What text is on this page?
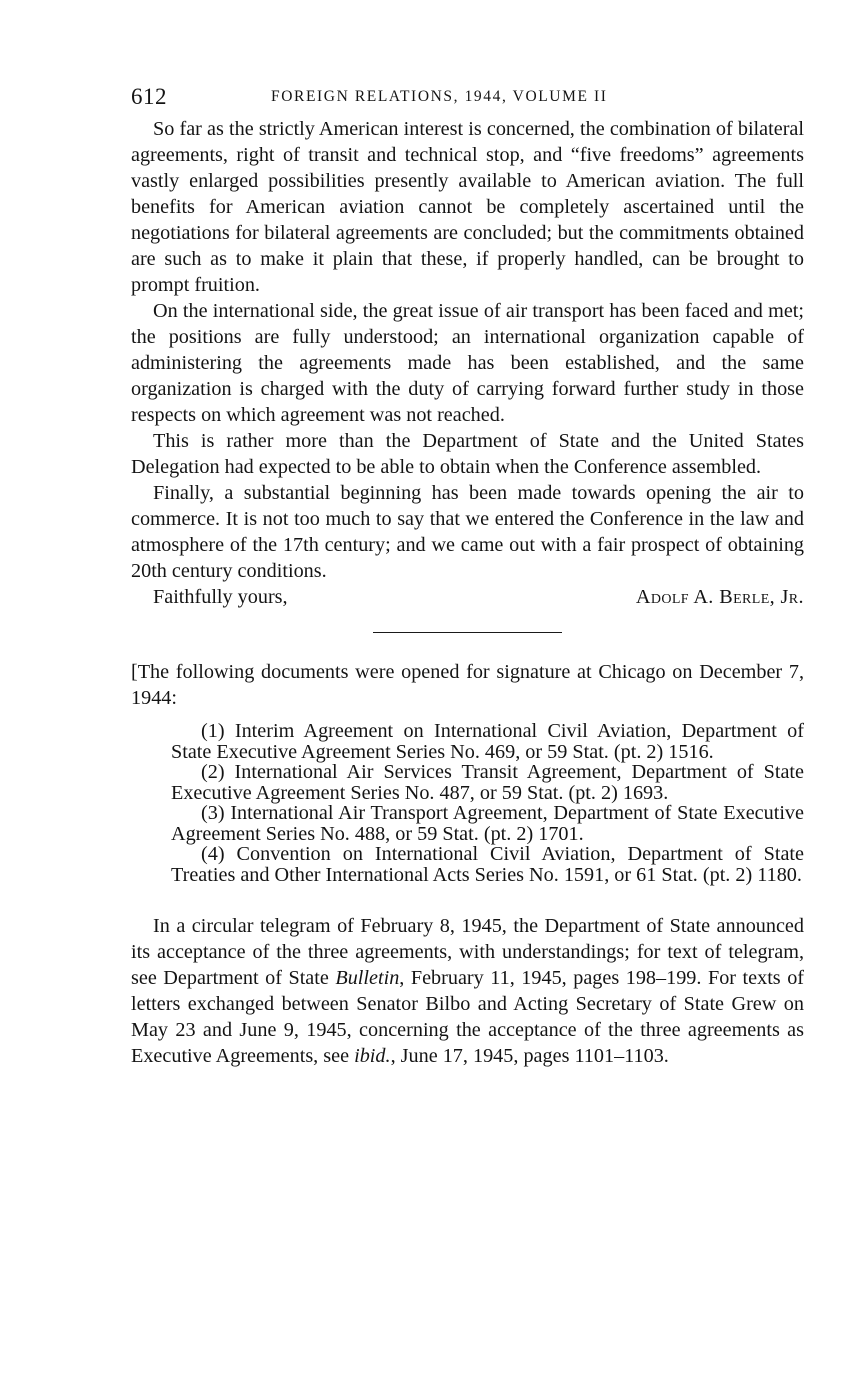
612	FOREIGN RELATIONS, 1944, VOLUME II

So far as the strictly American interest is concerned, the combination of bilateral agreements, right of transit and technical stop, and “five freedoms” agreements vastly enlarged possibilities presently available to American aviation. The full benefits for American aviation cannot be completely ascertained until the negotiations for bilateral agreements are concluded; but the commitments obtained are such as to make it plain that these, if properly handled, can be brought to prompt fruition.

On the international side, the great issue of air transport has been faced and met; the positions are fully understood; an international organization capable of administering the agreements made has been established, and the same organization is charged with the duty of carrying forward further study in those respects on which agreement was not reached.

This is rather more than the Department of State and the United States Delegation had expected to be able to obtain when the Conference assembled.

Finally, a substantial beginning has been made towards opening the air to commerce. It is not too much to say that we entered the Conference in the law and atmosphere of the 17th century; and we came out with a fair prospect of obtaining 20th century conditions.

Faithfully yours,	Adolf A. Berle, Jr.

[The following documents were opened for signature at Chicago on December 7, 1944:

(1) Interim Agreement on International Civil Aviation, Department of State Executive Agreement Series No. 469, or 59 Stat. (pt. 2) 1516.
(2) International Air Services Transit Agreement, Department of State Executive Agreement Series No. 487, or 59 Stat. (pt. 2) 1693.
(3) International Air Transport Agreement, Department of State Executive Agreement Series No. 488, or 59 Stat. (pt. 2) 1701.
(4) Convention on International Civil Aviation, Department of State Treaties and Other International Acts Series No. 1591, or 61 Stat. (pt. 2) 1180.

In a circular telegram of February 8, 1945, the Department of State announced its acceptance of the three agreements, with understandings; for text of telegram, see Department of State Bulletin, February 11, 1945, pages 198–199. For texts of letters exchanged between Senator Bilbo and Acting Secretary of State Grew on May 23 and June 9, 1945, concerning the acceptance of the three agreements as Executive Agreements, see ibid., June 17, 1945, pages 1101–1103.
